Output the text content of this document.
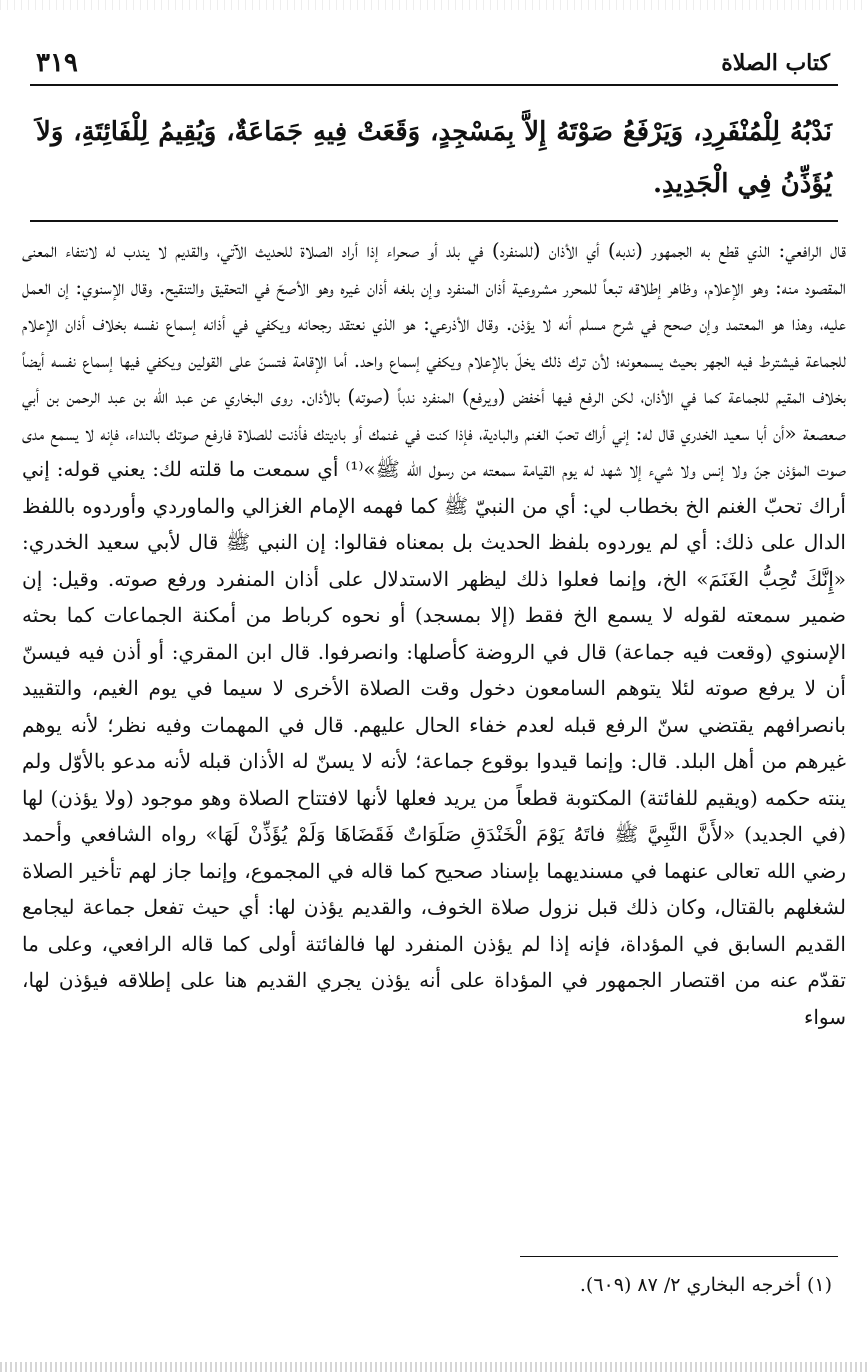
كتاب الصلاة
٣١٩
نَدْبُهُ لِلْمُنْفَرِدِ، وَيَرْفَعُ صَوْتَهُ إِلاَّ بِمَسْجِدٍ، وَقَعَتْ فِيهِ جَمَاعَةٌ، وَيُقِيمُ لِلْفَائِتَةِ، وَلاَ يُؤَذِّنُ فِي الْجَدِيدِ.

قال الرافعي: الذي قطع به الجمهور (ندبه) أي الأذان (للمنفرد) في بلد أو صحراء إذا أراد الصلاة للحديث الآتي، والقديم لا يندب له لانتفاء المعنى المقصود منه: وهو الإعلام، وظاهر إطلاقه تبعاً للمحرر مشروعية أذان المنفرد وإن بلغه أذان غيره وهو الأصحّ في التحقيق والتنقيح. وقال الإسنوي: إن العمل عليه، وهذا هو المعتمد وإن صحح في شرح مسلم أنه لا يؤذن. وقال الأذرعي: هو الذي نعتقد رجحانه ويكفي في أذانه إسماع نفسه بخلاف أذان الإعلام للجماعة فيشترط فيه الجهر بحيث يسمعونه؛ لأن ترك ذلك يخلّ بالإعلام ويكفي إسماع واحد. أما الإقامة فتسنّ على القولين ويكفي فيها إسماع نفسه أيضاً بخلاف المقيم للجماعة كما في الأذان، لكن الرفع فيها أخفض (ويرفع) المنفرد ندباً (صوته) بالأذان. روى البخاري عن عبد الله بن عبد الرحمن بن أبي صعصعة «أن أبا سعيد الخدري قال له: إني أراك تحبّ الغنم والبادية، فإذا كنت في غنمك أو باديتك فأذنت للصلاة فارفع صوتك بالنداء، فإنه لا يسمع مدى صوت المؤذن جنّ ولا إنس ولا شيء إلا شهد له يوم القيامة سمعته من رسول الله ﷺ»⁽¹⁾ أي سمعت ما قلته لك: يعني قوله: إني أراك تحبّ الغنم الخ بخطاب لي: أي من النبيّ ﷺ كما فهمه الإمام الغزالي والماوردي وأوردوه باللفظ الدال على ذلك: أي لم يوردوه بلفظ الحديث بل بمعناه فقالوا: إن النبي ﷺ قال لأبي سعيد الخدري: «إِنَّكَ تُحِبُّ الغَنَمَ» الخ، وإنما فعلوا ذلك ليظهر الاستدلال على أذان المنفرد ورفع صوته. وقيل: إن ضمير سمعته لقوله لا يسمع الخ فقط (إلا بمسجد) أو نحوه كرباط من أمكنة الجماعات كما بحثه الإسنوي (وقعت فيه جماعة) قال في الروضة كأصلها: وانصرفوا. قال ابن المقري: أو أذن فيه فيسنّ أن لا يرفع صوته لئلا يتوهم السامعون دخول وقت الصلاة الأخرى لا سيما في يوم الغيم، والتقييد بانصرافهم يقتضي سنّ الرفع قبله لعدم خفاء الحال عليهم. قال في المهمات وفيه نظر؛ لأنه يوهم غيرهم من أهل البلد. قال: وإنما قيدوا بوقوع جماعة؛ لأنه لا يسنّ له الأذان قبله لأنه مدعو بالأوّل ولم ينته حكمه (ويقيم للفائتة) المكتوبة قطعاً من يريد فعلها لأنها لافتتاح الصلاة وهو موجود (ولا يؤذن) لها (في الجديد) «لأَنَّ النَّبِيَّ ﷺ فاتَهُ يَوْمَ الْخَنْدَقِ صَلَوَاتٌ فَقَضَاهَا وَلَمْ يُؤَذِّنْ لَهَا» رواه الشافعي وأحمد رضي الله تعالى عنهما في مسنديهما بإسناد صحيح كما قاله في المجموع، وإنما جاز لهم تأخير الصلاة لشغلهم بالقتال، وكان ذلك قبل نزول صلاة الخوف، والقديم يؤذن لها: أي حيث تفعل جماعة ليجامع القديم السابق في المؤداة، فإنه إذا لم يؤذن المنفرد لها فالفائتة أولى كما قاله الرافعي، وعلى ما تقدّم عنه من اقتصار الجمهور في المؤداة على أنه يؤذن يجري القديم هنا على إطلاقه فيؤذن لها، سواء

(١) أخرجه البخاري ٢/ ٨٧ (٦٠٩).
